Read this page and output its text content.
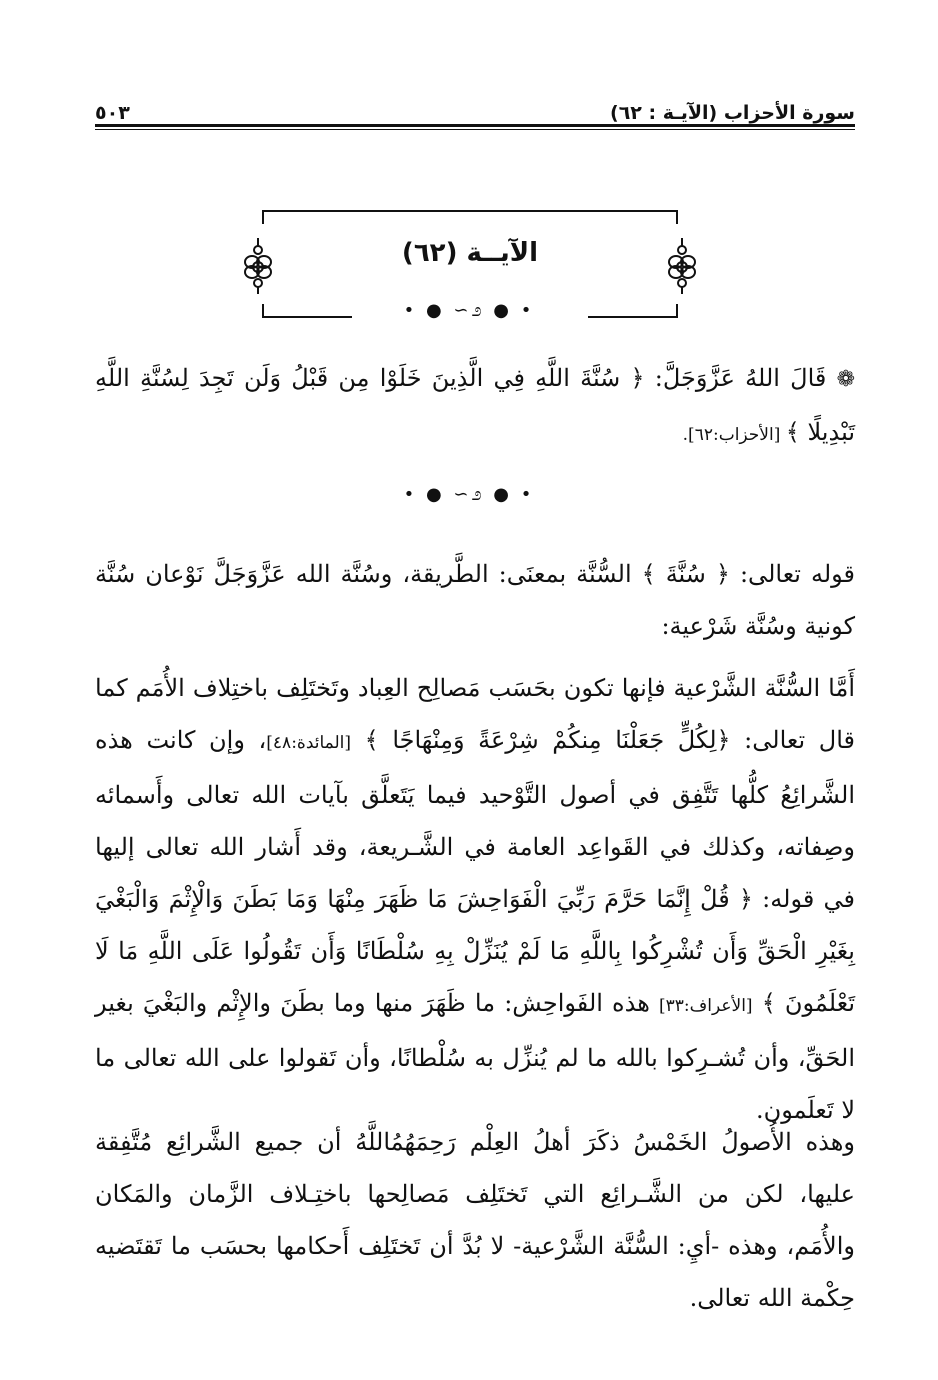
سورة الأحزاب (الآيـة : ٦٢)
٥٠٣
الآيــة (٦٢)
• ● ∽೨ ● •

❁ قَالَ اللهُ عَزَّوَجَلَّ: ﴿ سُنَّةَ اللَّهِ فِي الَّذِينَ خَلَوْا مِن قَبْلُ وَلَن تَجِدَ لِسُنَّةِ اللَّهِ تَبْدِيلًا ﴾ [الأحزاب:٦٢].

• ● ∽೨ ● •

قوله تعالى: ﴿ سُنَّةَ ﴾ السُّنَّة بمعنَى: الطَّريقة، وسُنَّة الله عَزَّوَجَلَّ نَوْعان سُنَّة كونية وسُنَّة شَرْعية:

أَمَّا السُّنَّة الشَّرْعية فإنها تكون بحَسَب مَصالِح العِباد وتَختَلِف باختِلاف الأُمَم كما قال تعالى: ﴿لِكُلٍّ جَعَلْنَا مِنكُمْ شِرْعَةً وَمِنْهَاجًا ﴾ [المائدة:٤٨]، وإن كانت هذه الشَّرائِعُ كلُّها تَتَّفِق في أصول التَّوْحيد فيما يَتَعلَّق بآيات الله تعالى وأَسمائه وصِفاته، وكذلك في القَواعِد العامة في الشَّـريعة، وقد أَشار الله تعالى إليها في قوله: ﴿ قُلْ إِنَّمَا حَرَّمَ رَبِّيَ الْفَوَاحِشَ مَا ظَهَرَ مِنْهَا وَمَا بَطَنَ وَالْإِثْمَ وَالْبَغْيَ بِغَيْرِ الْحَقِّ وَأَن تُشْرِكُوا بِاللَّهِ مَا لَمْ يُنَزِّلْ بِهِ سُلْطَانًا وَأَن تَقُولُوا عَلَى اللَّهِ مَا لَا تَعْلَمُونَ ﴾ [الأعراف:٣٣] هذه الفَواحِش: ما ظَهَرَ منها وما بطَنَ والإِثْم والبَغْيَ بغير الحَقِّ، وأن تُشـرِكوا بالله ما لم يُنزِّل به سُلْطانًا، وأن تَقولوا على الله تعالى ما لا تَعلَمون.

وهذه الأُصولُ الخَمْسُ ذكَرَ أهلُ العِلْم رَحِمَهُمُاللَّهُ أن جميع الشَّرائِع مُتَّفِقة عليها، لكن من الشَّـرائِع التي تَختَلِف مَصالِحها باختِـلاف الزَّمان والمَكان والأُمَم، وهذه -أيِ: السُّنَّة الشَّرْعية- لا بُدَّ أن تَختَلِف أَحكامها بحسَب ما تَقتَضيه حِكْمة الله تعالى.
